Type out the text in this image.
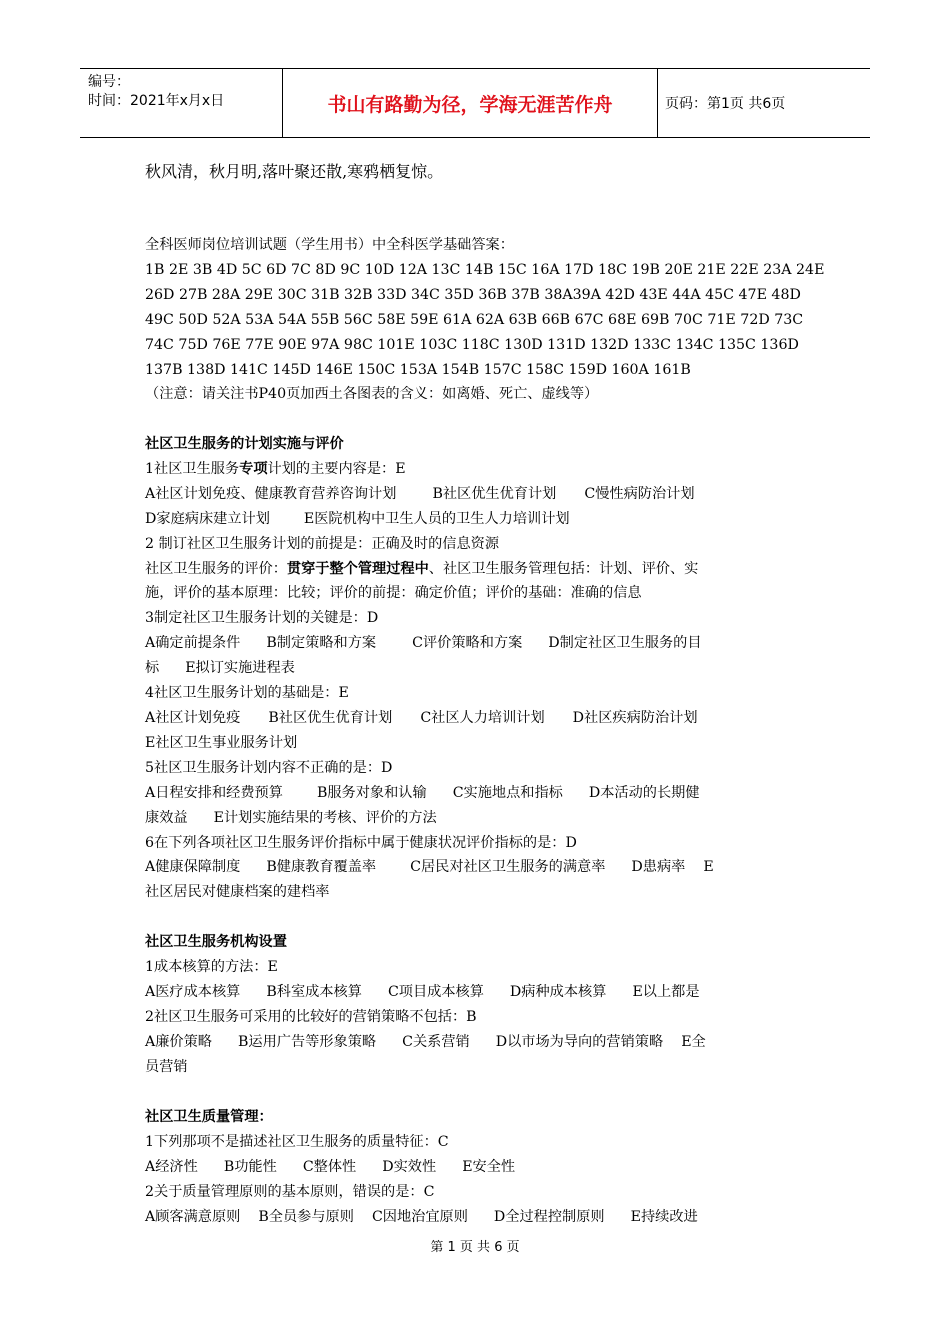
编号：
时间：2021年x月x日	书山有路勤为径，学海无涯苦作舟	页码：第1页 共6页
秋风清，秋月明,落叶聚还散,寒鸦栖复惊。

全科医师岗位培训试题（学生用书）中全科医学基础答案：

1B 2E 3B 4D 5C 6D 7C 8D 9C 10D 12A 13C 14B 15C 16A 17D 18C 19B 20E 21E 22E 23A 24E

26D 27B 28A 29E 30C 31B 32B 33D 34C 35D 36B 37B 38A39A 42D 43E 44A 45C 47E 48D

49C 50D 52A 53A 54A 55B 56C 58E 59E 61A 62A 63B 66B 67C 68E 69B 70C 71E 72D 73C

74C 75D 76E 77E 90E 97A 98C 101E 103C 118C 130D 131D 132D 133C 134C 135C 136D

137B 138D 141C 145D 146E 150C 153A 154B 157C 158C 159D 160A 161B

（注意：请关注书P40页加西土各图表的含义：如离婚、死亡、虚线等）

社区卫生服务的计划实施与评价

1社区卫生服务专项计划的主要内容是：E

A社区计划免疫、健康教育营养咨询计划	B社区优生优育计划 C慢性病防治计划

D家庭病床建立计划 E医院机构中卫生人员的卫生人力培训计划

2 制订社区卫生服务计划的前提是：正确及时的信息资源

社区卫生服务的评价：贯穿于整个管理过程中、社区卫生服务管理包括：计划、评价、实

施，评价的基本原理：比较；评价的前提：确定价值；评价的基础：准确的信息

3制定社区卫生服务计划的关键是：D

A确定前提条件 B制定策略和方案	C评价策略和方案 D制定社区卫生服务的目

标 E拟订实施进程表

4社区卫生服务计划的基础是：E

A社区计划免疫 B社区优生优育计划 C社区人力培训计划 D社区疾病防治计划

E社区卫生事业服务计划

5社区卫生服务计划内容不正确的是：D

A日程安排和经费预算 B服务对象和认输 C实施地点和指标 D本活动的长期健

康效益 E计划实施结果的考核、评价的方法

6在下列各项社区卫生服务评价指标中属于健康状况评价指标的是：D

A健康保障制度 B健康教育覆盖率 C居民对社区卫生服务的满意率 D患病率 E

社区居民对健康档案的建档率

社区卫生服务机构设置

1成本核算的方法：E

A医疗成本核算 B科室成本核算 C项目成本核算 D病种成本核算 E以上都是

2社区卫生服务可采用的比较好的营销策略不包括：B

A廉价策略 B运用广告等形象策略 C关系营销 D以市场为导向的营销策略 E全

员营销

社区卫生质量管理：

1下列那项不是描述社区卫生服务的质量特征：C

A经济性 B功能性 C整体性 D实效性 E安全性

2关于质量管理原则的基本原则，错误的是：C

A顾客满意原则 B全员参与原则 C因地治宜原则 D全过程控制原则 E持续改进

第 1 页 共 6 页
